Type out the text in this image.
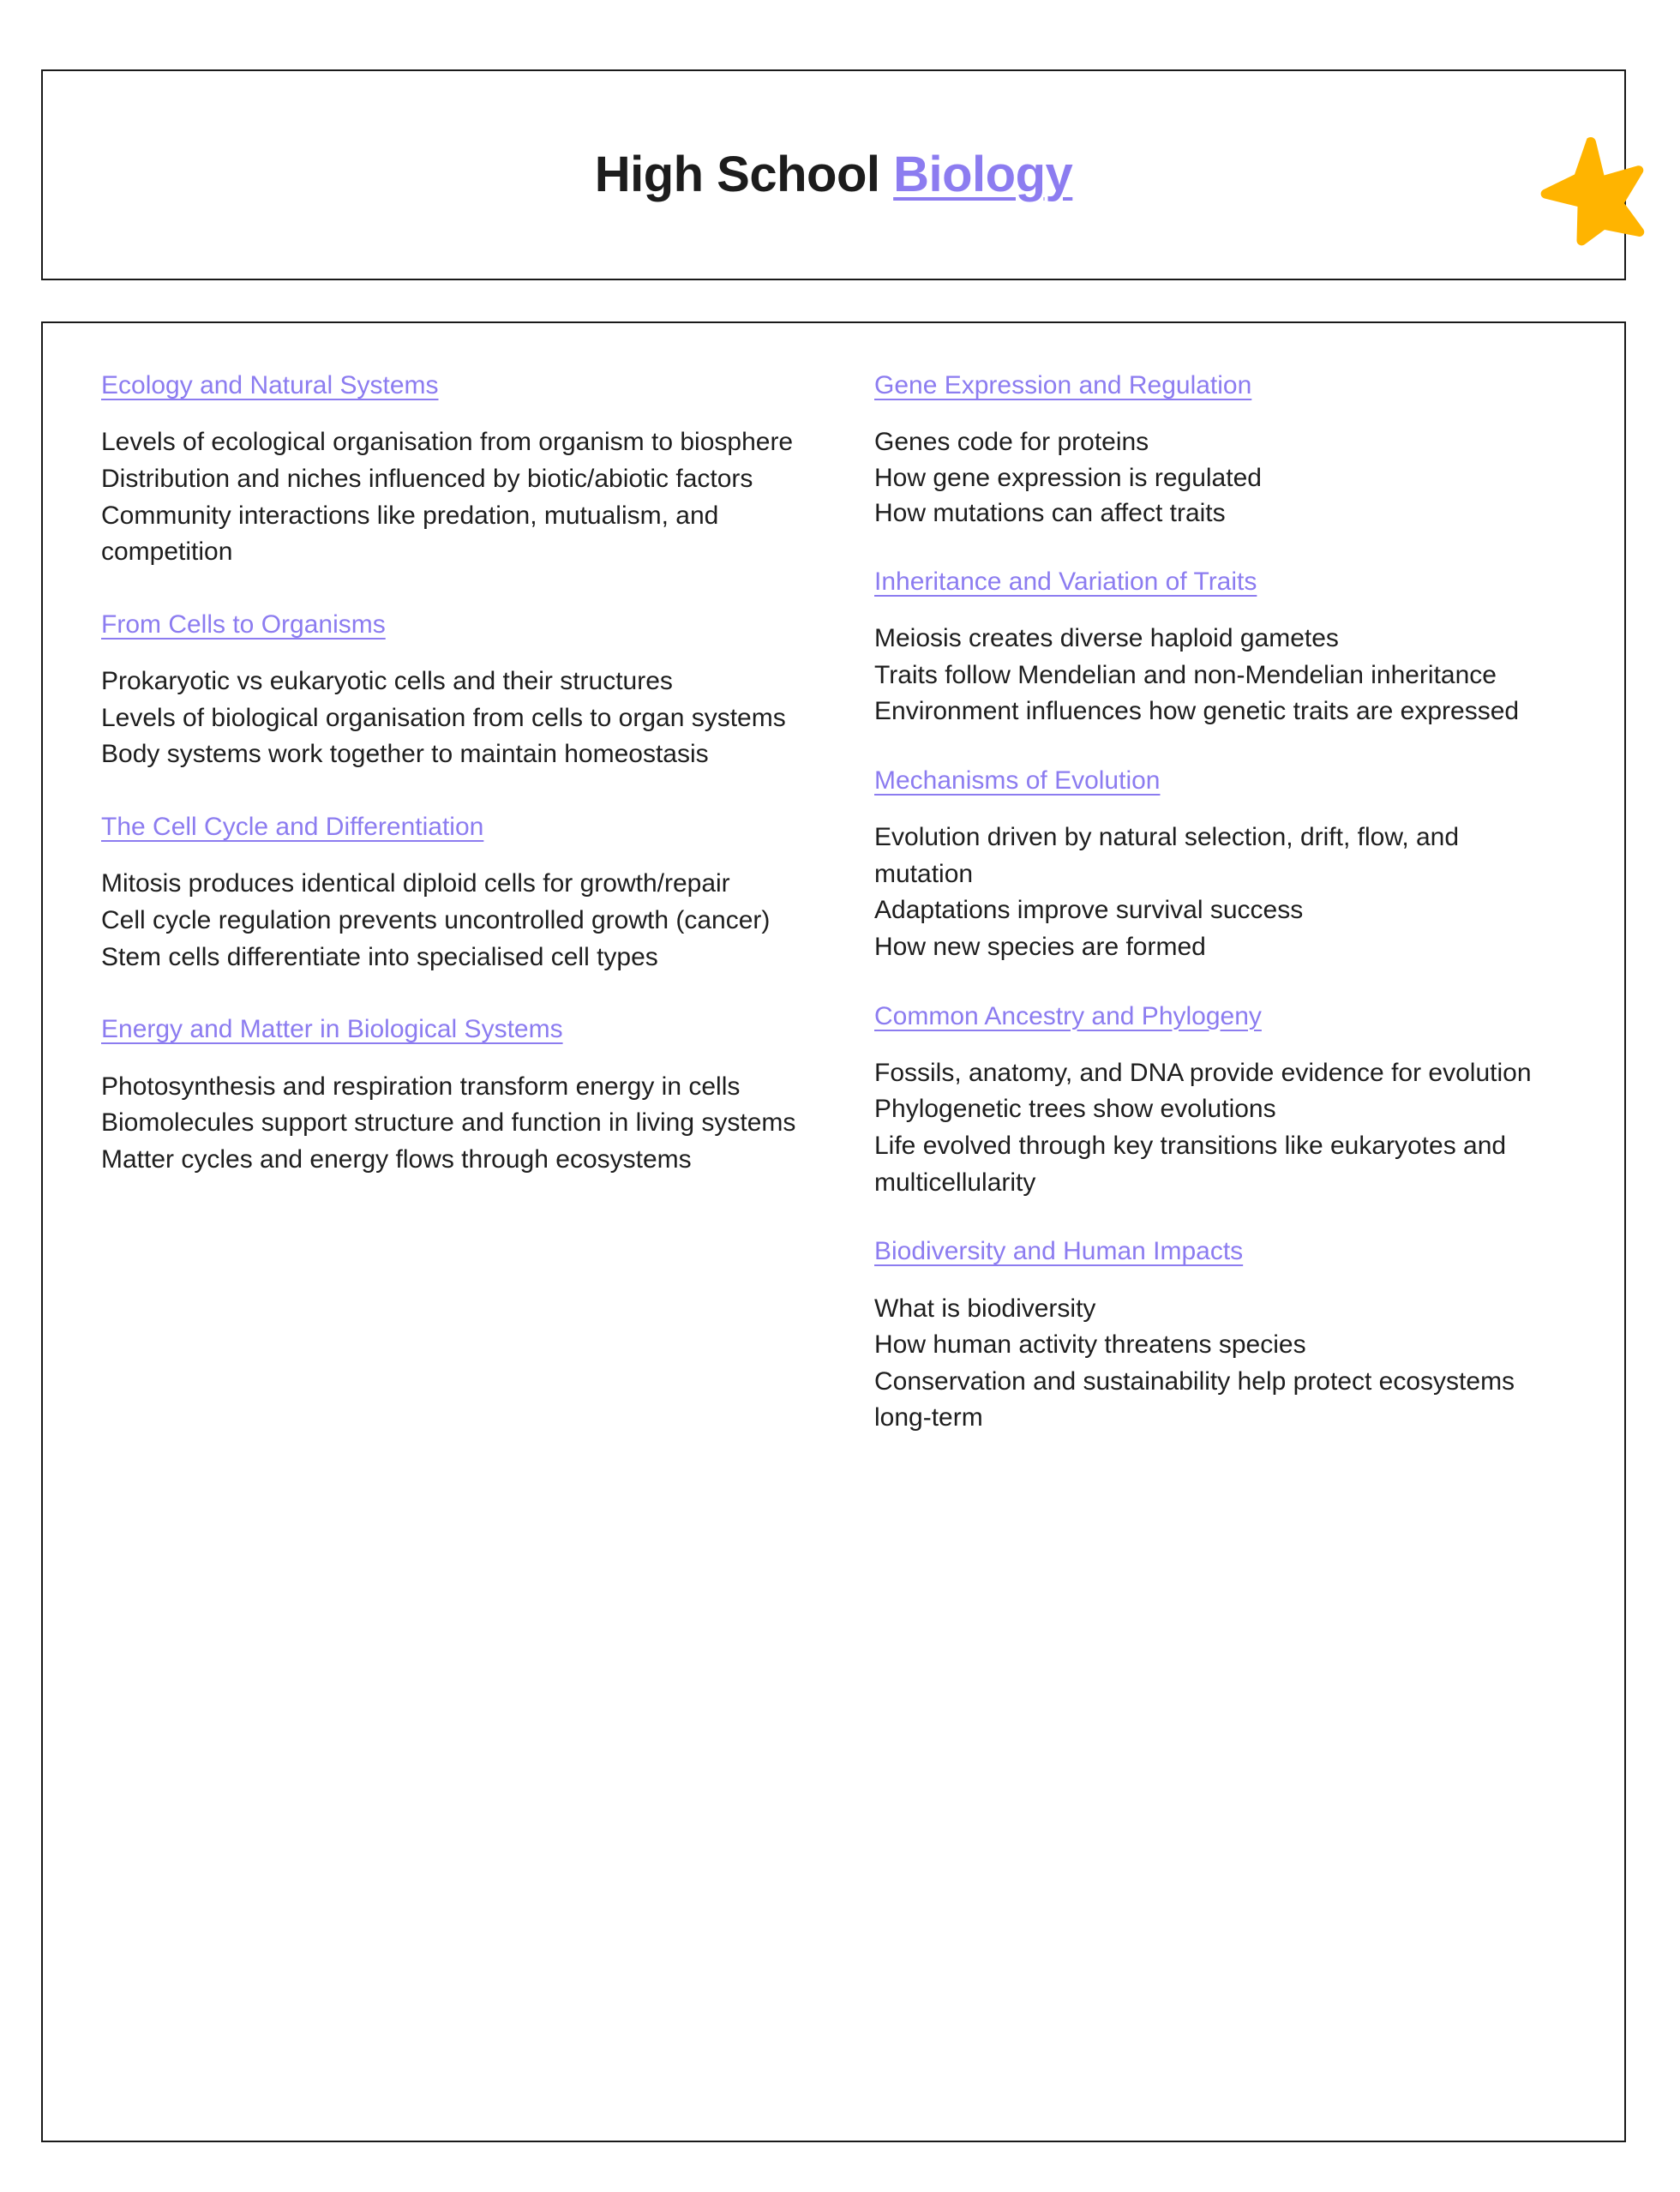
High School Biology
Ecology and Natural Systems
Levels of ecological organisation from organism to biosphere
Distribution and niches influenced by biotic/abiotic factors
Community interactions like predation, mutualism, and competition
From Cells to Organisms
Prokaryotic vs eukaryotic cells and their structures
Levels of biological organisation from cells to organ systems
Body systems work together to maintain homeostasis
The Cell Cycle and Differentiation
Mitosis produces identical diploid cells for growth/repair
Cell cycle regulation prevents uncontrolled growth (cancer)
Stem cells differentiate into specialised cell types
Energy and Matter in Biological Systems
Photosynthesis and respiration transform energy in cells
Biomolecules support structure and function in living systems
Matter cycles and energy flows through ecosystems
Gene Expression and Regulation
Genes code for proteins
How gene expression is regulated
How mutations can affect traits
Inheritance and Variation of Traits
Meiosis creates diverse haploid gametes
Traits follow Mendelian and non-Mendelian inheritance
Environment influences how genetic traits are expressed
Mechanisms of Evolution
Evolution driven by natural selection, drift, flow, and mutation
Adaptations improve survival success
How new species are formed
Common Ancestry and Phylogeny
Fossils, anatomy, and DNA provide evidence for evolution
Phylogenetic trees show evolutions
Life evolved through key transitions like eukaryotes and multicellularity
Biodiversity and Human Impacts
What is biodiversity
How human activity threatens species
Conservation and sustainability help protect ecosystems long-term
